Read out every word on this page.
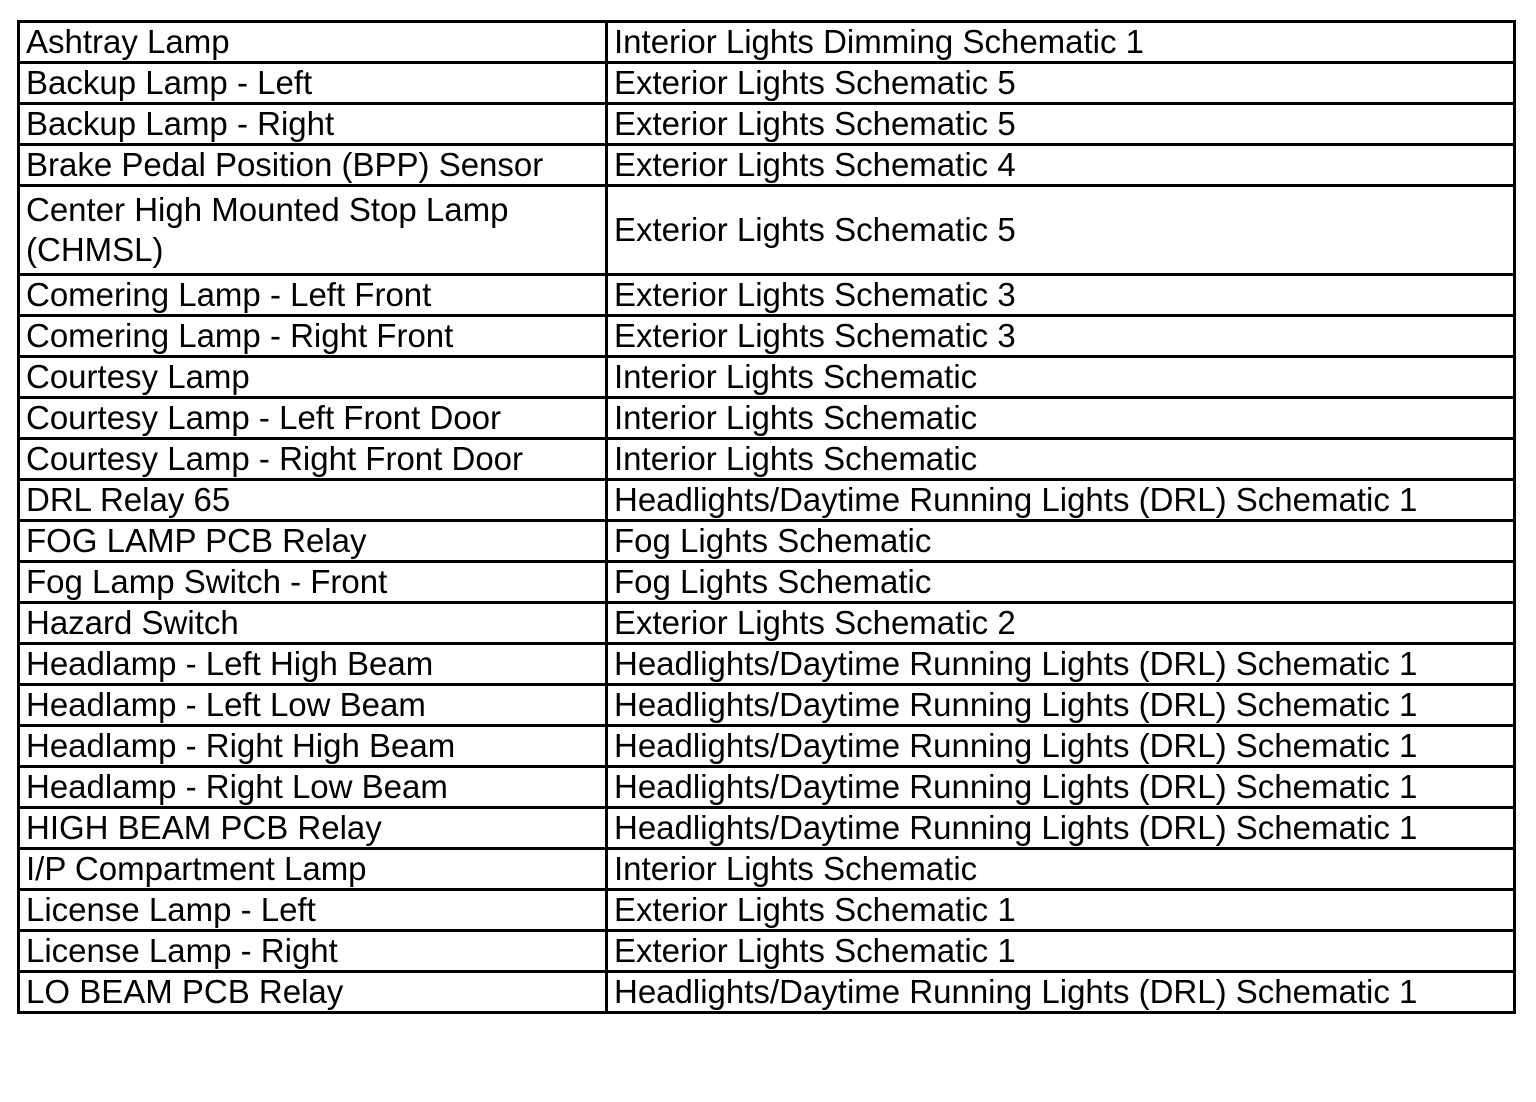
Ashtray Lamp	Interior Lights Dimming Schematic 1
Backup Lamp - Left	Exterior Lights Schematic 5
Backup Lamp - Right	Exterior Lights Schematic 5
Brake Pedal Position (BPP) Sensor	Exterior Lights Schematic 4
Center High Mounted Stop Lamp (CHMSL)	Exterior Lights Schematic 5
Comering Lamp - Left Front	Exterior Lights Schematic 3
Comering Lamp - Right Front	Exterior Lights Schematic 3
Courtesy Lamp	Interior Lights Schematic
Courtesy Lamp - Left Front Door	Interior Lights Schematic
Courtesy Lamp - Right Front Door	Interior Lights Schematic
DRL Relay 65	Headlights/Daytime Running Lights (DRL) Schematic 1
FOG LAMP PCB Relay	Fog Lights Schematic
Fog Lamp Switch - Front	Fog Lights Schematic
Hazard Switch	Exterior Lights Schematic 2
Headlamp - Left High Beam	Headlights/Daytime Running Lights (DRL) Schematic 1
Headlamp - Left Low Beam	Headlights/Daytime Running Lights (DRL) Schematic 1
Headlamp - Right High Beam	Headlights/Daytime Running Lights (DRL) Schematic 1
Headlamp - Right Low Beam	Headlights/Daytime Running Lights (DRL) Schematic 1
HIGH BEAM PCB Relay	Headlights/Daytime Running Lights (DRL) Schematic 1
I/P Compartment Lamp	Interior Lights Schematic
License Lamp - Left	Exterior Lights Schematic 1
License Lamp - Right	Exterior Lights Schematic 1
LO BEAM PCB Relay	Headlights/Daytime Running Lights (DRL) Schematic 1
